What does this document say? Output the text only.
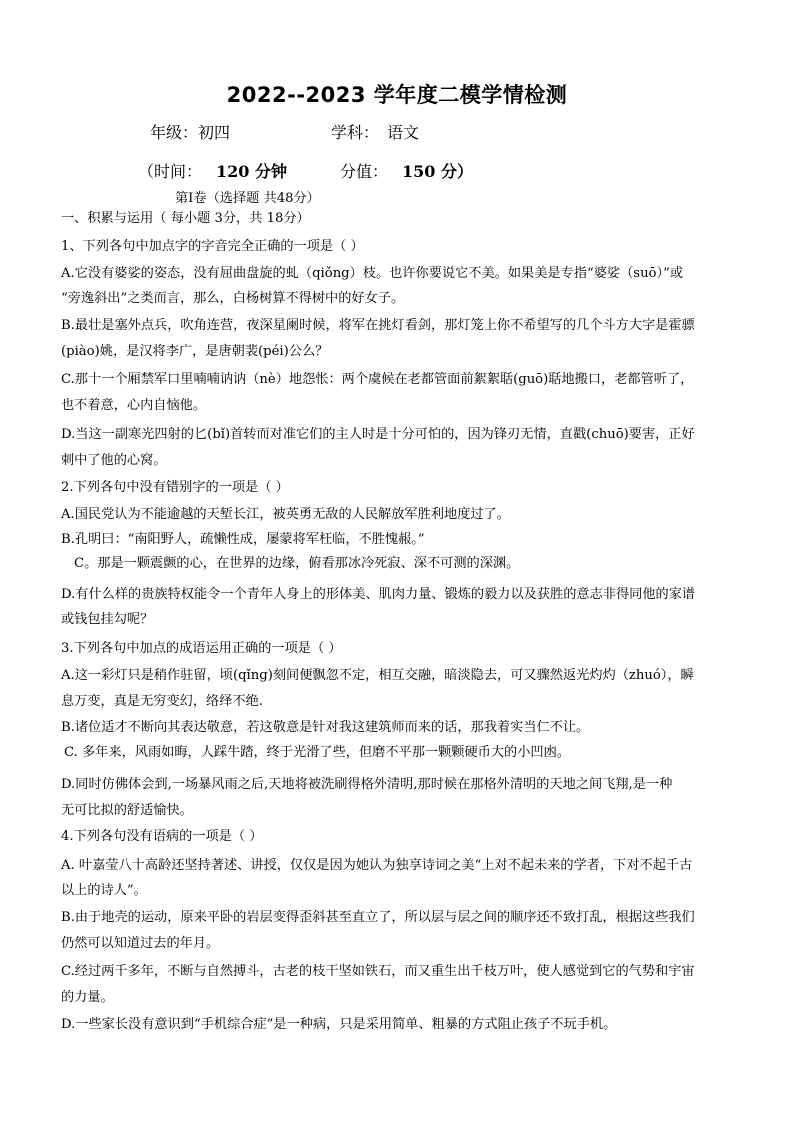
2022--2023 学年度二模学情检测
年级：初四	学科： 语文
（时间： 120 分钟	分值： 150 分）
第Ⅰ卷（选择题 共48分）
一、积累与运用（ 每小题 3分，共 18分）
1、下列各句中加点字的字音完全正确的一项是（ ）
A.它没有婆娑的姿态，没有屈曲盘旋的虬（qiǒng）枝。也许你要说它不美。如果美是专指“婆娑（suō）”或
“旁逸斜出”之类而言，那么，白杨树算不得树中的好女子。
B.最壮是塞外点兵，吹角连营，夜深星阑时候，将军在挑灯看剑，那灯笼上你不希望写的几个斗方大字是霍骠
(piào)姚，是汉将李广，是唐朝裴(péi)公么？
C.那十一个厢禁军口里喃喃讷讷（nè）地怨怅：两个虞候在老都管面前絮絮聒(guō)聒地搬口，老都管听了，
也不着意，心内自恼他。
D.当这一副寒光四射的匕(bǐ)首转而对准它们的主人时是十分可怕的，因为锋刃无情，直戳(chuō)要害，正好
刺中了他的心窝。
2.下列各句中没有错别字的一项是（ ）
A.国民党认为不能逾越的天堑长江，被英勇无敌的人民解放军胜利地度过了。
B.孔明曰：“南阳野人，疏懒性成，屡蒙将军枉临，不胜愧赧。”
C。那是一颗震颤的心，在世界的边缘，俯看那冰冷死寂、深不可测的深渊。
D.有什么样的贵族特权能令一个青年人身上的形体美、肌肉力量、锻炼的毅力以及获胜的意志非得同他的家谱
或钱包挂勾呢？
3.下列各句中加点的成语运用正确的一项是（ ）
A.这一彩灯只是稍作驻留，顷(qǐng)刻间便飘忽不定，相互交融，暗淡隐去，可又骤然返光灼灼（zhuó），瞬
息万变，真是无穷变幻，络绎不绝.
B.诸位适才不断向其表达敬意，若这敬意是针对我这建筑师而来的话，那我着实当仁不让。
C. 多年来，风雨如晦，人踩牛踏，终于光滑了些，但磨不平那一颗颗硬币大的小凹凼。
D.同时仿佛体会到,一场暴风雨之后,天地将被洗刷得格外清明,那时候在那格外清明的天地之间飞翔,是一种
无可比拟的舒适愉快。
4.下列各句没有语病的一项是（ ）
A. 叶嘉莹八十高龄还坚持著述、讲授，仅仅是因为她认为独享诗词之美“上对不起未来的学者，下对不起千古
以上的诗人”。
B.由于地壳的运动，原来平卧的岩层变得歪斜甚至直立了，所以层与层之间的顺序还不致打乱，根据这些我们
仍然可以知道过去的年月。
C.经过两千多年，不断与自然搏斗，古老的枝干坚如铁石，而又重生出千枝万叶，使人感觉到它的气势和宇宙
的力量。
D.一些家长没有意识到“手机综合症”是一种病，只是采用简单、粗暴的方式阻止孩子不玩手机。
